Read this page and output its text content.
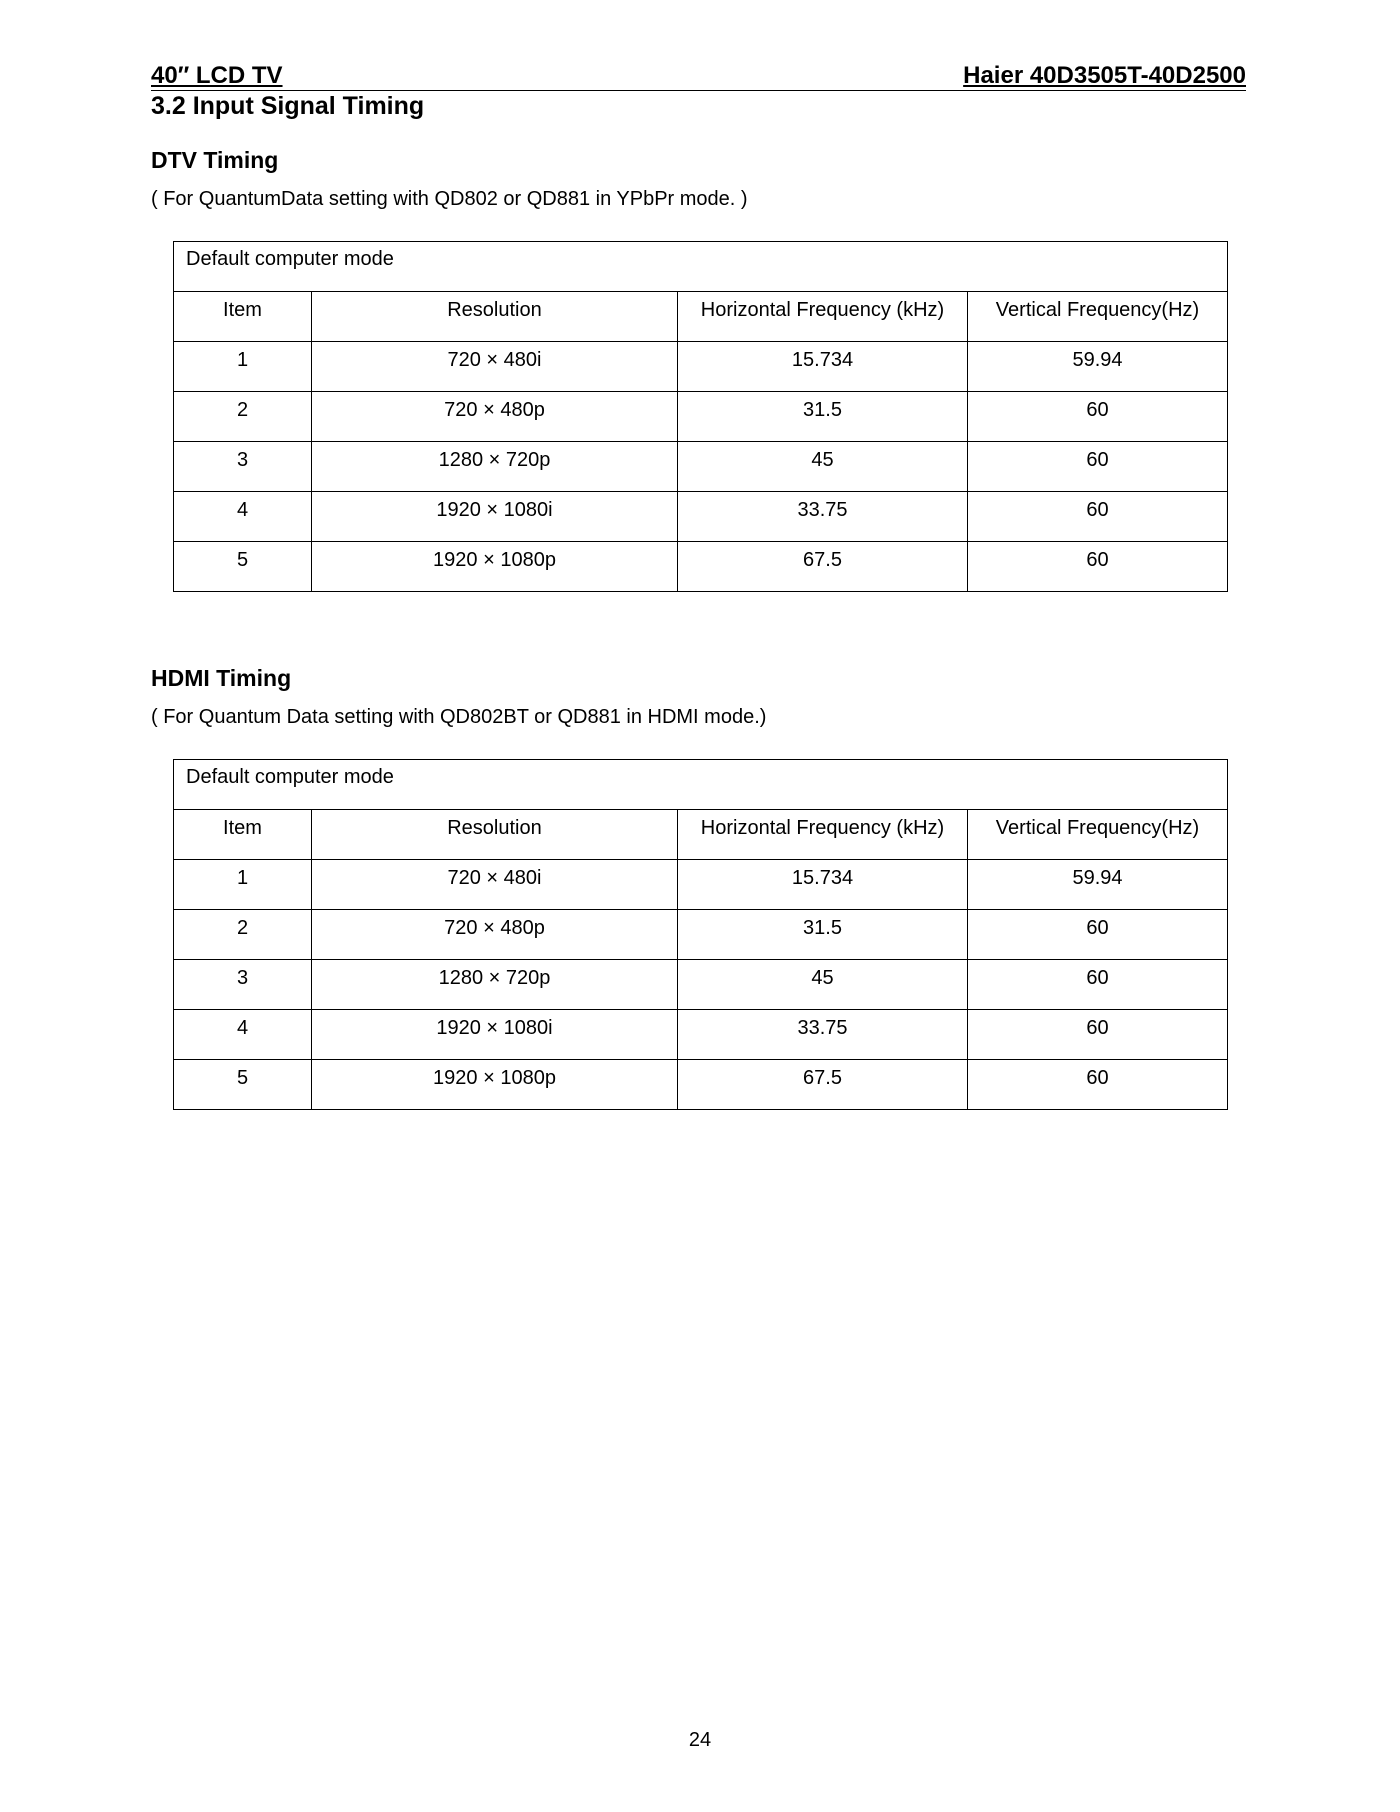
40″ LCD TV	Haier 40D3505T-40D2500
3.2 Input Signal Timing
DTV Timing
( For QuantumData setting with QD802 or QD881 in YPbPr mode. )
Default computer mode			
Item	Resolution	Horizontal Frequency (kHz)	Vertical Frequency(Hz)
1	720 × 480i	15.734	59.94
2	720 × 480p	31.5	60
3	1280 × 720p	45	60
4	1920 × 1080i	33.75	60
5	1920 × 1080p	67.5	60
HDMI Timing
( For Quantum Data setting with QD802BT or QD881 in HDMI mode.)
Default computer mode			
Item	Resolution	Horizontal Frequency (kHz)	Vertical Frequency(Hz)
1	720 × 480i	15.734	59.94
2	720 × 480p	31.5	60
3	1280 × 720p	45	60
4	1920 × 1080i	33.75	60
5	1920 × 1080p	67.5	60
24
